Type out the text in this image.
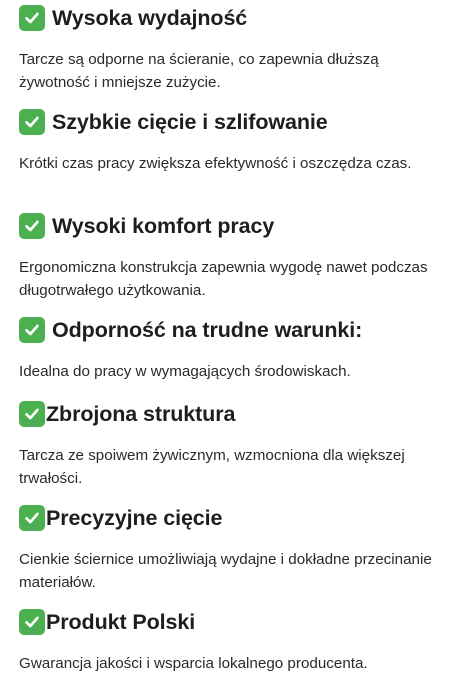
Wysoka wydajność

Tarcze są odporne na ścieranie, co zapewnia dłuższą żywotność i mniejsze zużycie.

Szybkie cięcie i szlifowanie

Krótki czas pracy zwiększa efektywność i oszczędza czas.

Wysoki komfort pracy

Ergonomiczna konstrukcja zapewnia wygodę nawet podczas długotrwałego użytkowania.

Odporność na trudne warunki:

Idealna do pracy w wymagających środowiskach.

Zbrojona struktura

Tarcza ze spoiwem żywicznym, wzmocniona dla większej trwałości.

Precyzyjne cięcie

Cienkie ściernice umożliwiają wydajne i dokładne przecinanie materiałów.

Produkt Polski

Gwarancja jakości i wsparcia lokalnego producenta.
